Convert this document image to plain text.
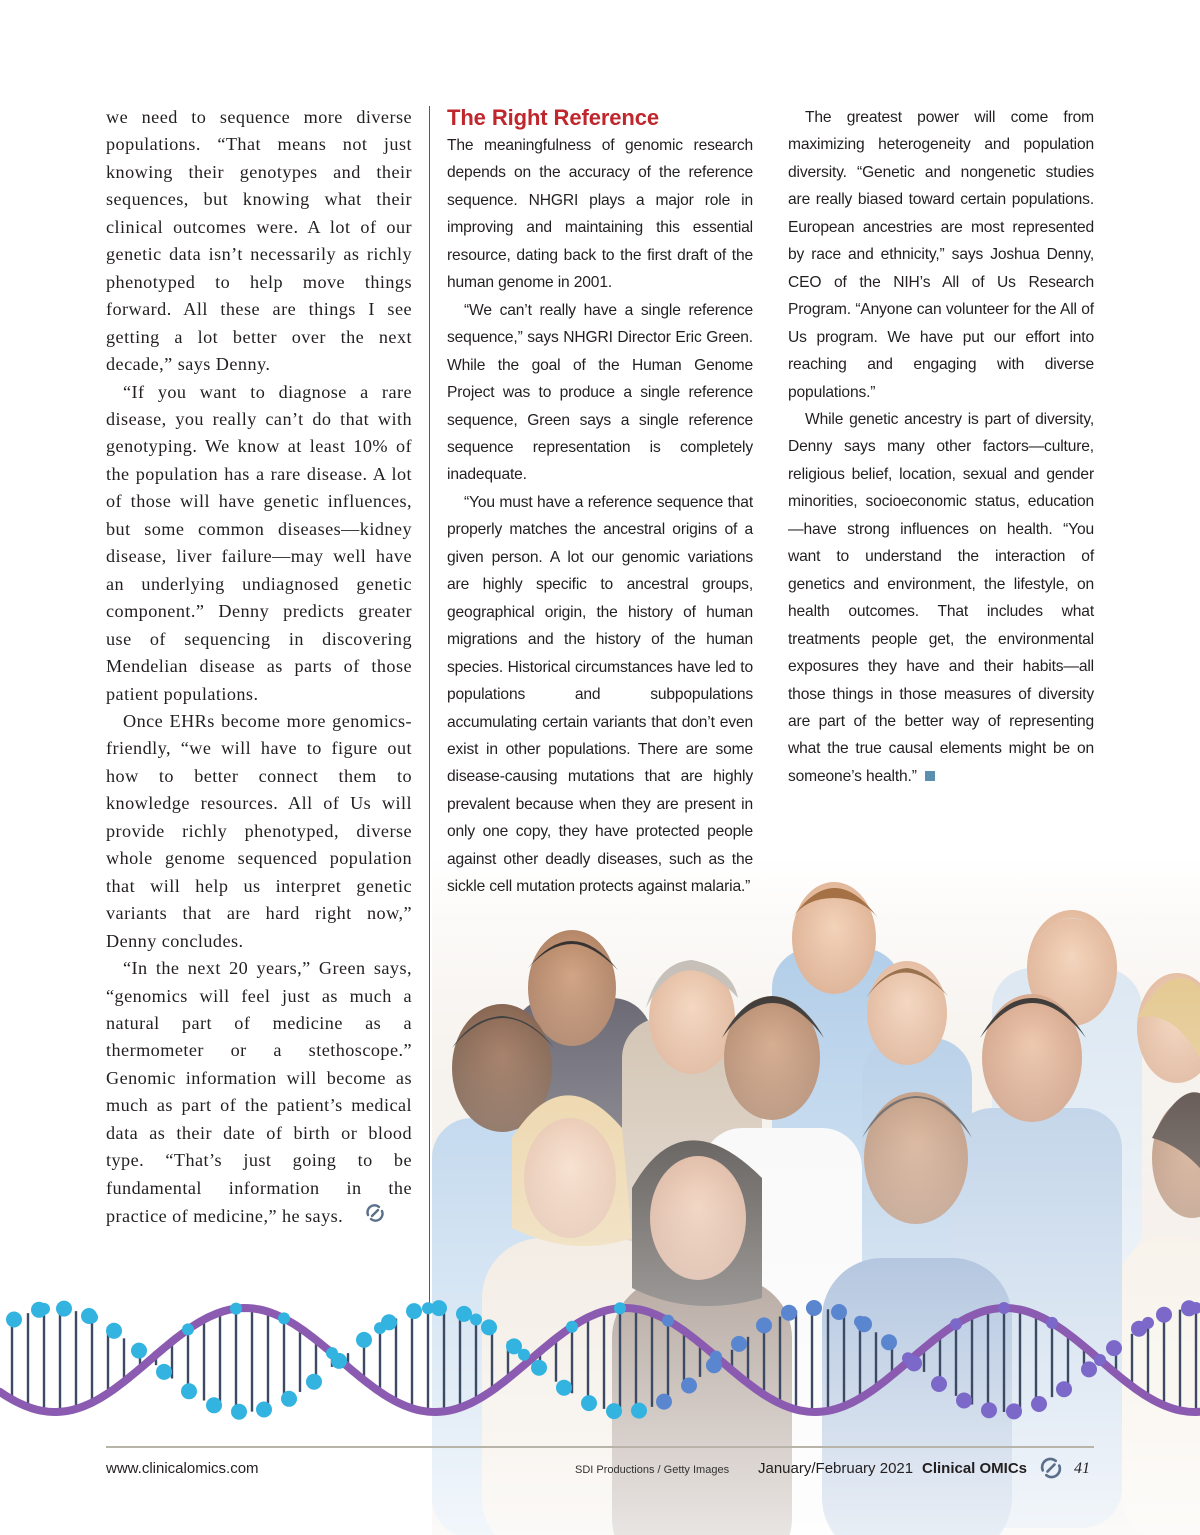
we need to sequence more diverse populations. “That means not just knowing their genotypes and their sequences, but knowing what their clinical outcomes were. A lot of our genetic data isn’t necessarily as richly phenotyped to help move things forward. All these are things I see getting a lot better over the next decade,” says Denny.

“If you want to diagnose a rare disease, you really can’t do that with genotyping. We know at least 10% of the population has a rare disease. A lot of those will have genetic influences, but some common diseases—kidney disease, liver failure—may well have an underlying undiagnosed genetic component.” Denny predicts greater use of sequencing in discovering Mendelian disease as parts of those patient populations.

Once EHRs become more genomics-friendly, “we will have to figure out how to better connect them to knowledge resources. All of Us will provide richly phenotyped, diverse whole genome sequenced population that will help us interpret genetic variants that are hard right now,” Denny concludes.

“In the next 20 years,” Green says, “genomics will feel just as much a natural part of medicine as a thermometer or a stethoscope.” Genomic information will become as much as part of the patient’s medical data as their date of birth or blood type. “That’s just going to be fundamental information in the practice of medicine,” he says.

The Right Reference

The meaningfulness of genomic research depends on the accuracy of the reference sequence. NHGRI plays a major role in improving and maintaining this essential resource, dating back to the first draft of the human genome in 2001.

“We can’t really have a single reference sequence,” says NHGRI Director Eric Green. While the goal of the Human Genome Project was to produce a single reference sequence, Green says a single reference sequence representation is completely inadequate.

“You must have a reference sequence that properly matches the ancestral origins of a given person. A lot our genomic variations are highly specific to ancestral groups, geographical origin, the history of human migrations and the history of the human species. Historical circumstances have led to populations and subpopulations accumulating certain variants that don’t even exist in other populations. There are some disease-causing mutations that are highly prevalent because when they are present in only one copy, they have protected people against other deadly diseases, such as the sickle cell mutation protects against malaria.”

The greatest power will come from maximizing heterogeneity and population diversity. “Genetic and nongenetic studies are really biased toward certain populations. European ancestries are most represented by race and ethnicity,” says Joshua Denny, CEO of the NIH’s All of Us Research Program. “Anyone can volunteer for the All of Us program. We have put our effort into reaching and engaging with diverse populations.”

While genetic ancestry is part of diversity, Denny says many other factors—culture, religious belief, location, sexual and gender minorities, socioeconomic status, education—have strong influences on health. “You want to understand the interaction of genetics and environment, the lifestyle, on health outcomes. That includes what treatments people get, the environmental exposures they have and their habits—all those things in those measures of diversity are part of the better way of representing what the true causal elements might be on someone’s health.”

www.clinicalomics.com	SDI Productions / Getty Images January/February 2021 Clinical OMICs	41
